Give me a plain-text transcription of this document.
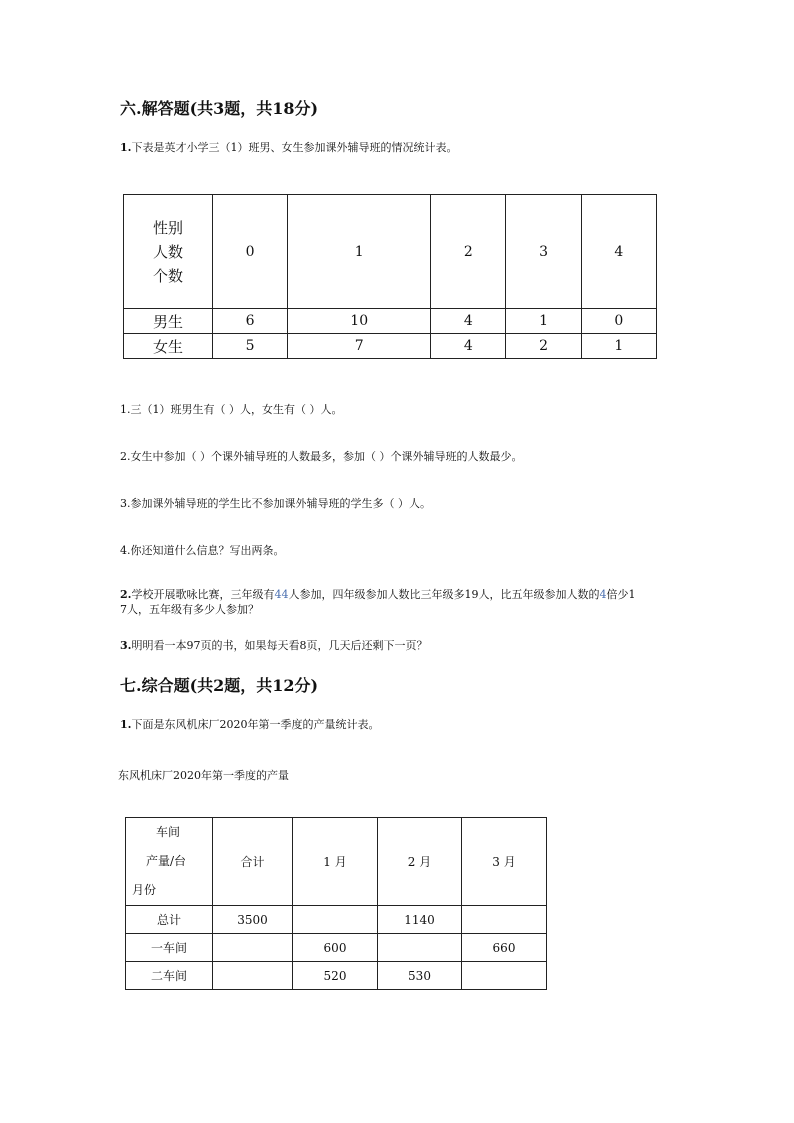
六.解答题(共3题，共18分)
1.下表是英才小学三（1）班男、女生参加课外辅导班的情况统计表。
性别
人数
个数	0	1	2	3	4
男生	6	10	4	1	0
女生	5	7	4	2	1
1.三（1）班男生有（ ）人，女生有（ ）人。
2.女生中参加（ ）个课外辅导班的人数最多，参加（ ）个课外辅导班的人数最少。
3.参加课外辅导班的学生比不参加课外辅导班的学生多（ ）人。
4.你还知道什么信息？写出两条。
2.学校开展歌咏比赛，三年级有44人参加，四年级参加人数比三年级多19人，比五年级参加人数的4倍少1
7人，五年级有多少人参加？
3.明明看一本97页的书，如果每天看8页，几天后还剩下一页？
七.综合题(共2题，共12分)
1.下面是东风机床厂2020年第一季度的产量统计表。
东风机床厂2020年第一季度的产量
车间
产量/台
月份	合计	1 月	2 月	3 月
总计	3500		1140	
一车间		600		660
二车间		520	530	
